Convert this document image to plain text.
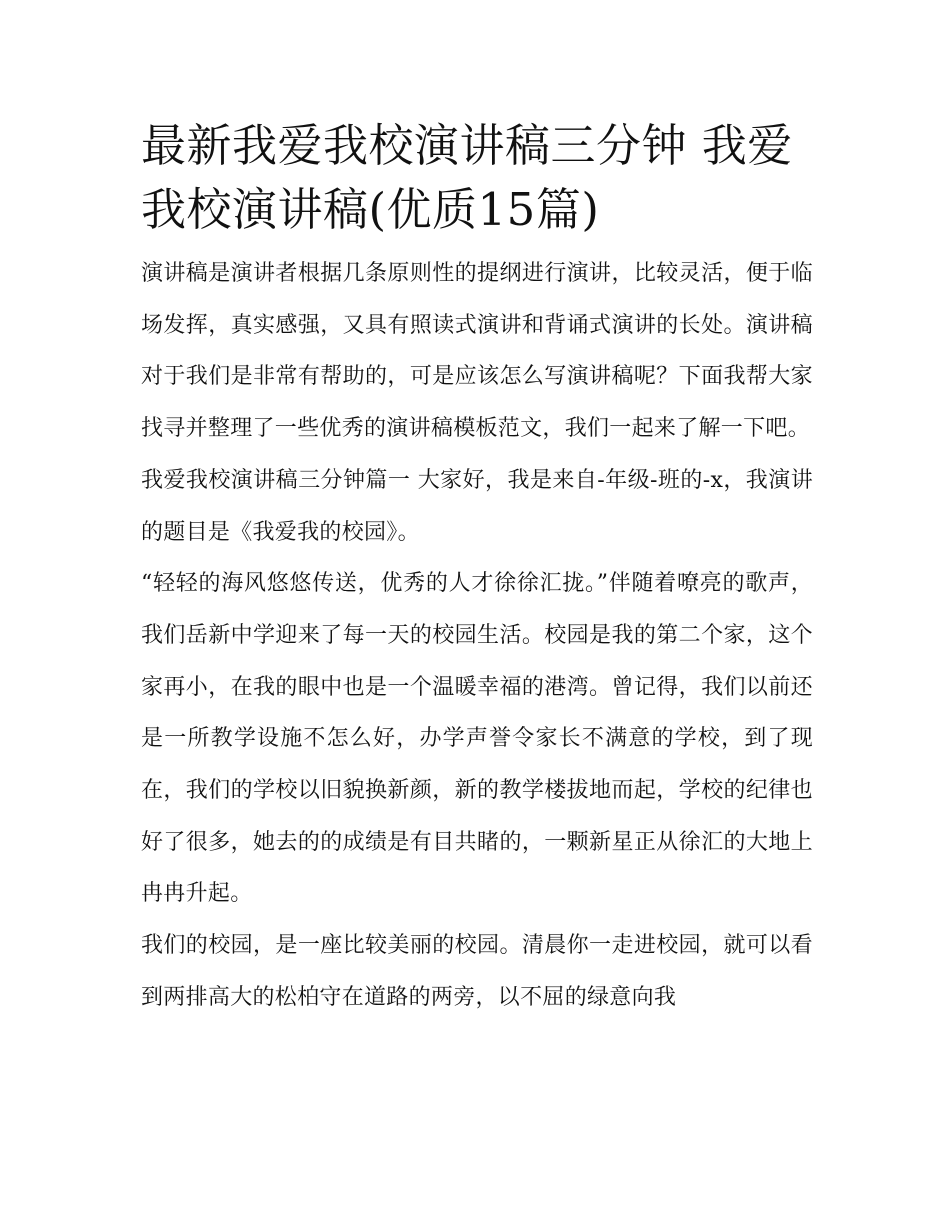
最新我爱我校演讲稿三分钟 我爱我校演讲稿(优质15篇)

演讲稿是演讲者根据几条原则性的提纲进行演讲，比较灵活，便于临场发挥，真实感强，又具有照读式演讲和背诵式演讲的长处。演讲稿对于我们是非常有帮助的，可是应该怎么写演讲稿呢？下面我帮大家找寻并整理了一些优秀的演讲稿模板范文，我们一起来了解一下吧。

我爱我校演讲稿三分钟篇一 大家好，我是来自-年级-班的-x，我演讲的题目是《我爱我的校园》。

“轻轻的海风悠悠传送，优秀的人才徐徐汇拢。”伴随着嘹亮的歌声，我们岳新中学迎来了每一天的校园生活。校园是我的第二个家，这个家再小，在我的眼中也是一个温暖幸福的港湾。曾记得，我们以前还是一所教学设施不怎么好，办学声誉令家长不满意的学校，到了现在，我们的学校以旧貌换新颜，新的教学楼拔地而起，学校的纪律也好了很多，她去的的成绩是有目共睹的，一颗新星正从徐汇的大地上冉冉升起。

我们的校园，是一座比较美丽的校园。清晨你一走进校园，就可以看到两排高大的松柏守在道路的两旁，以不屈的绿意向我
